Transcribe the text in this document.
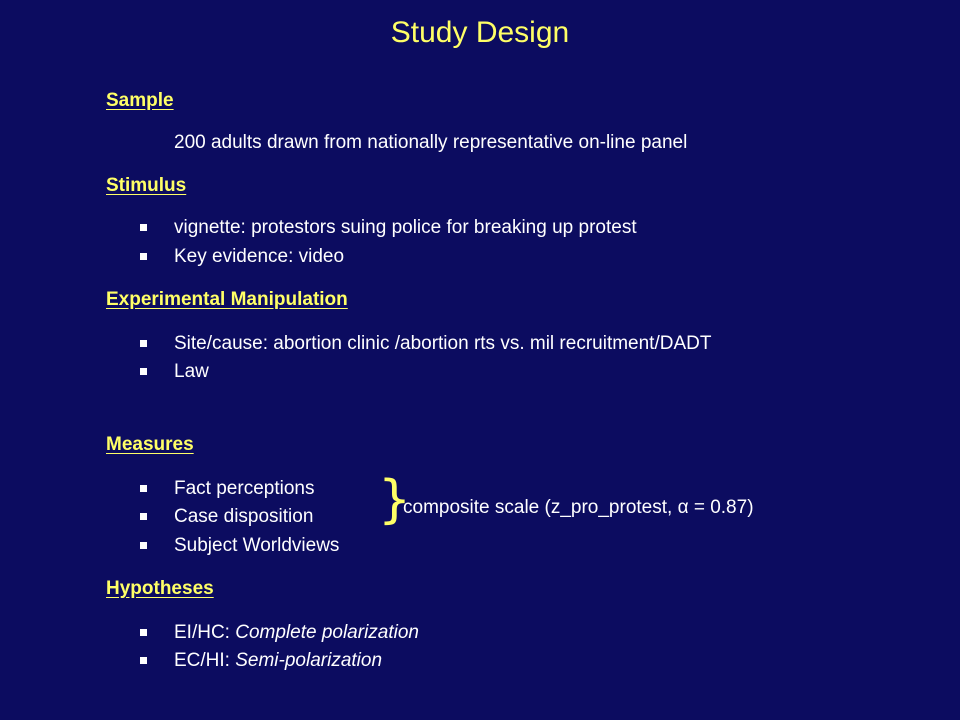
Study Design
Sample
200 adults drawn from nationally representative on-line panel
Stimulus
vignette: protestors suing police for breaking up protest
Key evidence: video
Experimental Manipulation
Site/cause: abortion clinic /abortion rts vs. mil recruitment/DADT
Law
Measures
Fact perceptions
Case disposition
Subject Worldviews
}
composite scale (z_pro_protest, α = 0.87)
Hypotheses
EI/HC: Complete polarization
EC/HI: Semi-polarization
